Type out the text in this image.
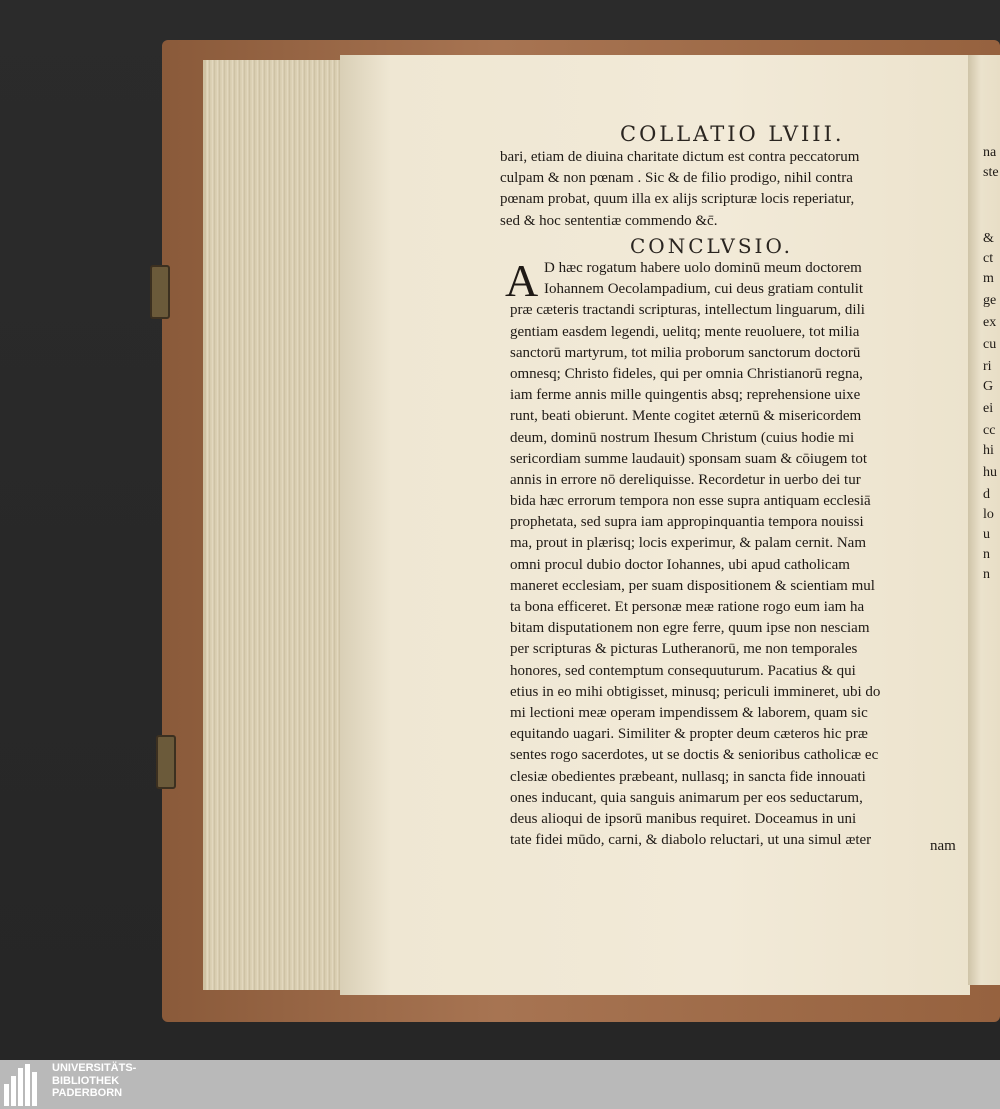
COLLATIO LVIII.
bari, etiam de diuina charitate dictum est contra peccatorum
culpam & non pœnam . Sic & de filio prodigo, nihil contra
pœnam probat, quum illa ex alijs scripturæ locis reperiatur,
sed & hoc sententiæ commendo &c̄.
CONCLVSIO.
A D hæc rogatum habere uolo dominū meum doctorem
Iohannem Oecolampadium, cui deus gratiam contulit
præ cæteris tractandi scripturas, intellectum linguarum, dili
gentiam easdem legendi, uelitq; mente reuoluere, tot milia
sanctorū martyrum, tot milia proborum sanctorum doctorū
omnesq; Christo fideles, qui per omnia Christianorū regna,
iam ferme annis mille quingentis absq; reprehensione uixe
runt, beati obierunt. Mente cogitet æternū & misericordem
deum, dominū nostrum Ihesum Christum (cuius hodie mi
sericordiam summe laudauit) sponsam suam & cōiugem tot
annis in errore nō dereliquisse. Recordetur in uerbo dei tur
bida hæc errorum tempora non esse supra antiquam ecclesiā
prophetata, sed supra iam appropinquantia tempora nouissi
ma, prout in plærisq; locis experimur, & palam cernit. Nam
omni procul dubio doctor Iohannes, ubi apud catholicam
maneret ecclesiam, per suam dispositionem & scientiam mul
ta bona efficeret. Et personæ meæ ratione rogo eum iam ha
bitam disputationem non egre ferre, quum ipse non nesciam
per scripturas & picturas Lutheranorū, me non temporales
honores, sed contemptum consequuturum. Pacatius & qui
etius in eo mihi obtigisset, minusq; periculi immineret, ubi do
mi lectioni meæ operam impendissem & laborem, quam sic
equitando uagari. Similiter & propter deum cæteros hic præ
sentes rogo sacerdotes, ut se doctis & senioribus catholicæ ec
clesiæ obedientes præbeant, nullasq; in sancta fide innouati
ones inducant, quia sanguis animarum per eos seductarum,
deus alioqui de ipsorū manibus requiret. Doceamus in uni
tate fidei mūdo, carni, & diabolo reluctari, ut una simul æter	nam
na
ste
&
ct
m
ge
ex
cu
ri
G
ei
cc
hi
hu
d
lo
u
n
n
UNIVERSITÄTS-
BIBLIOTHEK
PADERBORN
